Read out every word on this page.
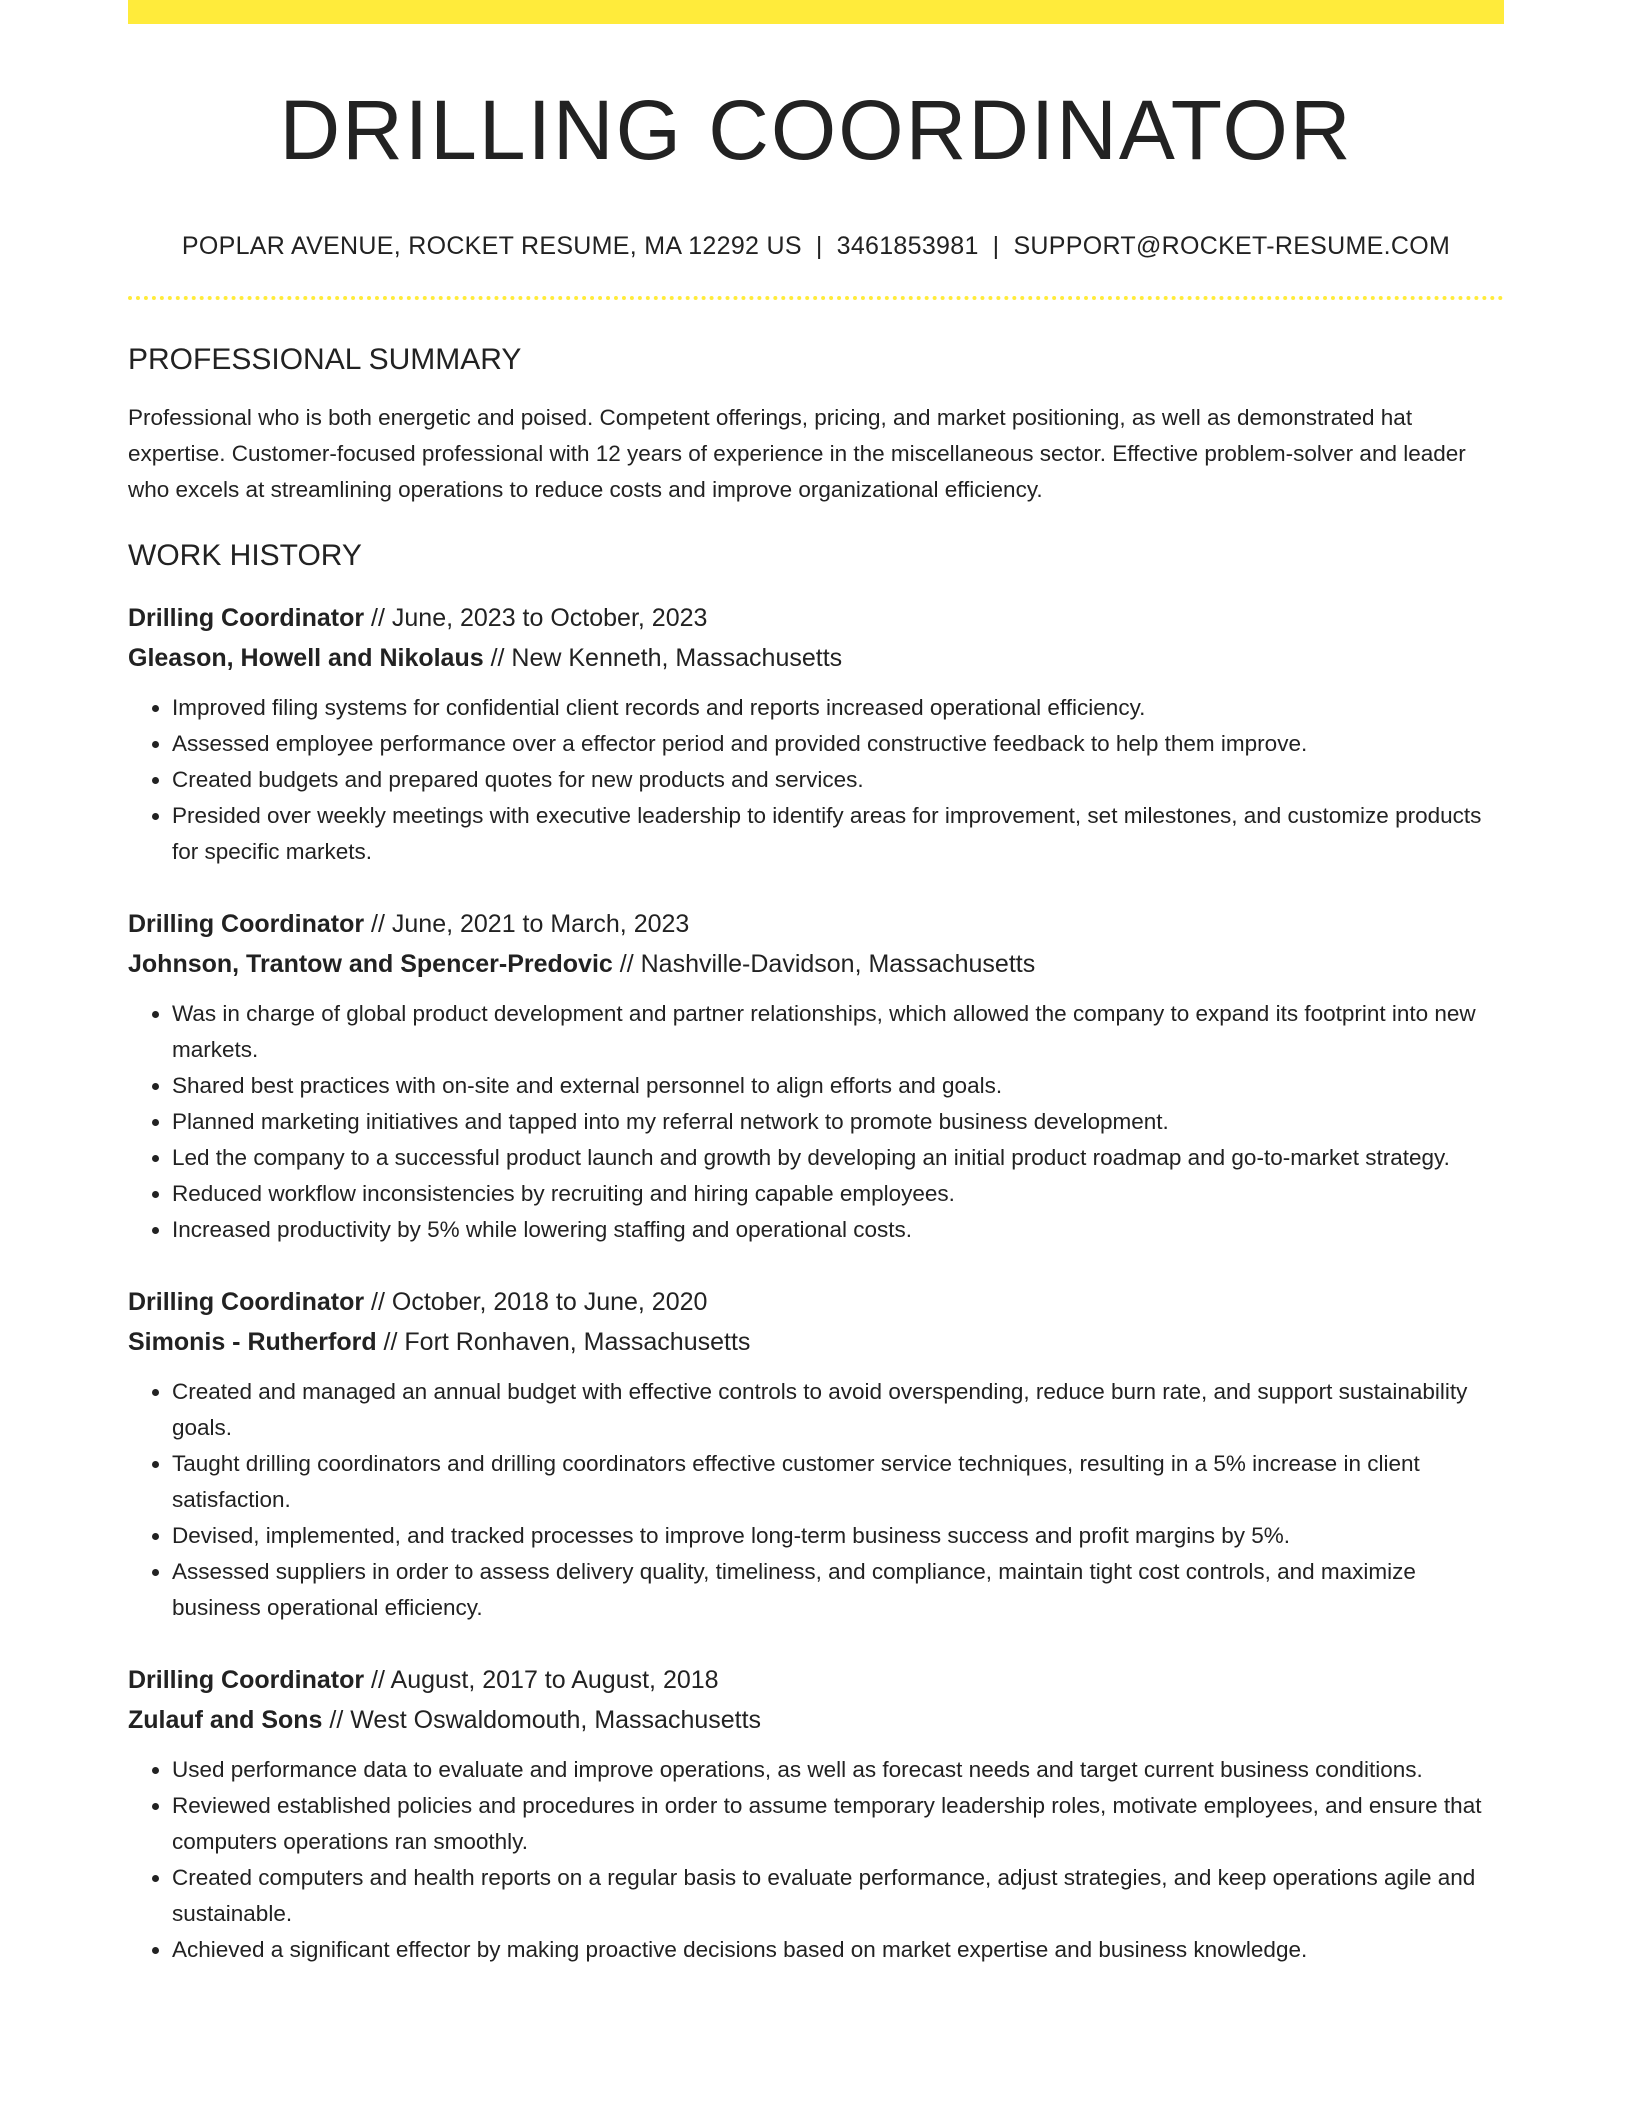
DRILLING COORDINATOR
POPLAR AVENUE, ROCKET RESUME, MA 12292 US | 3461853981 | SUPPORT@ROCKET-RESUME.COM
PROFESSIONAL SUMMARY

Professional who is both energetic and poised. Competent offerings, pricing, and market positioning, as well as demonstrated hat expertise. Customer-focused professional with 12 years of experience in the miscellaneous sector. Effective problem-solver and leader who excels at streamlining operations to reduce costs and improve organizational efficiency.

WORK HISTORY
Drilling Coordinator // June, 2023 to October, 2023
Gleason, Howell and Nikolaus // New Kenneth, Massachusetts
• Improved filing systems for confidential client records and reports increased operational efficiency.
• Assessed employee performance over a effector period and provided constructive feedback to help them improve.
• Created budgets and prepared quotes for new products and services.
• Presided over weekly meetings with executive leadership to identify areas for improvement, set milestones, and customize products for specific markets.
Drilling Coordinator // June, 2021 to March, 2023
Johnson, Trantow and Spencer-Predovic // Nashville-Davidson, Massachusetts
• Was in charge of global product development and partner relationships, which allowed the company to expand its footprint into new markets.
• Shared best practices with on-site and external personnel to align efforts and goals.
• Planned marketing initiatives and tapped into my referral network to promote business development.
• Led the company to a successful product launch and growth by developing an initial product roadmap and go-to-market strategy.
• Reduced workflow inconsistencies by recruiting and hiring capable employees.
• Increased productivity by 5% while lowering staffing and operational costs.
Drilling Coordinator // October, 2018 to June, 2020
Simonis - Rutherford // Fort Ronhaven, Massachusetts
• Created and managed an annual budget with effective controls to avoid overspending, reduce burn rate, and support sustainability goals.
• Taught drilling coordinators and drilling coordinators effective customer service techniques, resulting in a 5% increase in client satisfaction.
• Devised, implemented, and tracked processes to improve long-term business success and profit margins by 5%.
• Assessed suppliers in order to assess delivery quality, timeliness, and compliance, maintain tight cost controls, and maximize business operational efficiency.
Drilling Coordinator // August, 2017 to August, 2018
Zulauf and Sons // West Oswaldomouth, Massachusetts
• Used performance data to evaluate and improve operations, as well as forecast needs and target current business conditions.
• Reviewed established policies and procedures in order to assume temporary leadership roles, motivate employees, and ensure that computers operations ran smoothly.
• Created computers and health reports on a regular basis to evaluate performance, adjust strategies, and keep operations agile and sustainable.
• Achieved a significant effector by making proactive decisions based on market expertise and business knowledge.
